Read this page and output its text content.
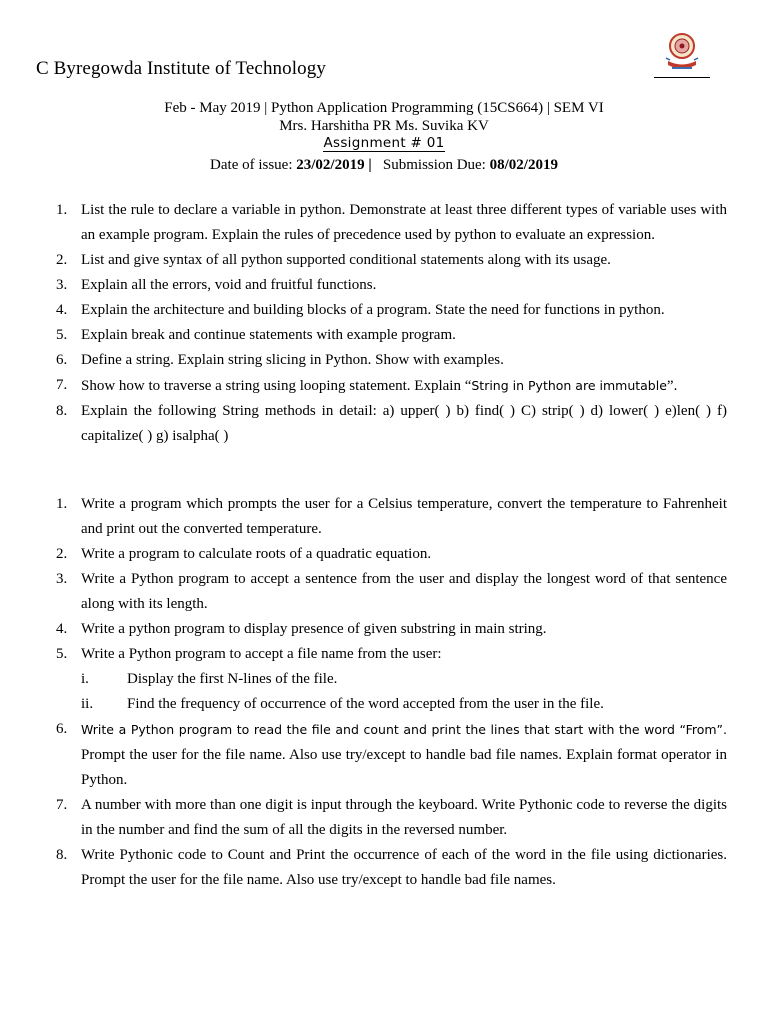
C Byregowda Institute of Technology
Feb - May 2019 | Python Application Programming (15CS664) | SEM VI
Mrs. Harshitha PR Ms. Suvika KV
Assignment # 01
Date of issue: 23/02/2019 | Submission Due: 08/02/2019
1. List the rule to declare a variable in python. Demonstrate at least three different types of variable uses with an example program. Explain the rules of precedence used by python to evaluate an expression.
2. List and give syntax of all python supported conditional statements along with its usage.
3. Explain all the errors, void and fruitful functions.
4. Explain the architecture and building blocks of a program. State the need for functions in python.
5. Explain break and continue statements with example program.
6. Define a string. Explain string slicing in Python. Show with examples.
7. Show how to traverse a string using looping statement. Explain “String in Python are immutable”.
8. Explain the following String methods in detail: a) upper( ) b) find( ) C) strip( ) d) lower( ) e)len( ) f) capitalize( ) g) isalpha( )
1. Write a program which prompts the user for a Celsius temperature, convert the temperature to Fahrenheit and print out the converted temperature.
2. Write a program to calculate roots of a quadratic equation.
3. Write a Python program to accept a sentence from the user and display the longest word of that sentence along with its length.
4. Write a python program to display presence of given substring in main string.
5. Write a Python program to accept a file name from the user:
i.	Display the first N-lines of the file.
ii. Find the frequency of occurrence of the word accepted from the user in the file.
6. Write a Python program to read the file and count and print the lines that start with the word “From”. Prompt the user for the file name. Also use try/except to handle bad file names. Explain format operator in Python.
7. A number with more than one digit is input through the keyboard. Write Pythonic code to reverse the digits in the number and find the sum of all the digits in the reversed number.
8. Write Pythonic code to Count and Print the occurrence of each of the word in the file using dictionaries. Prompt the user for the file name. Also use try/except to handle bad file names.
